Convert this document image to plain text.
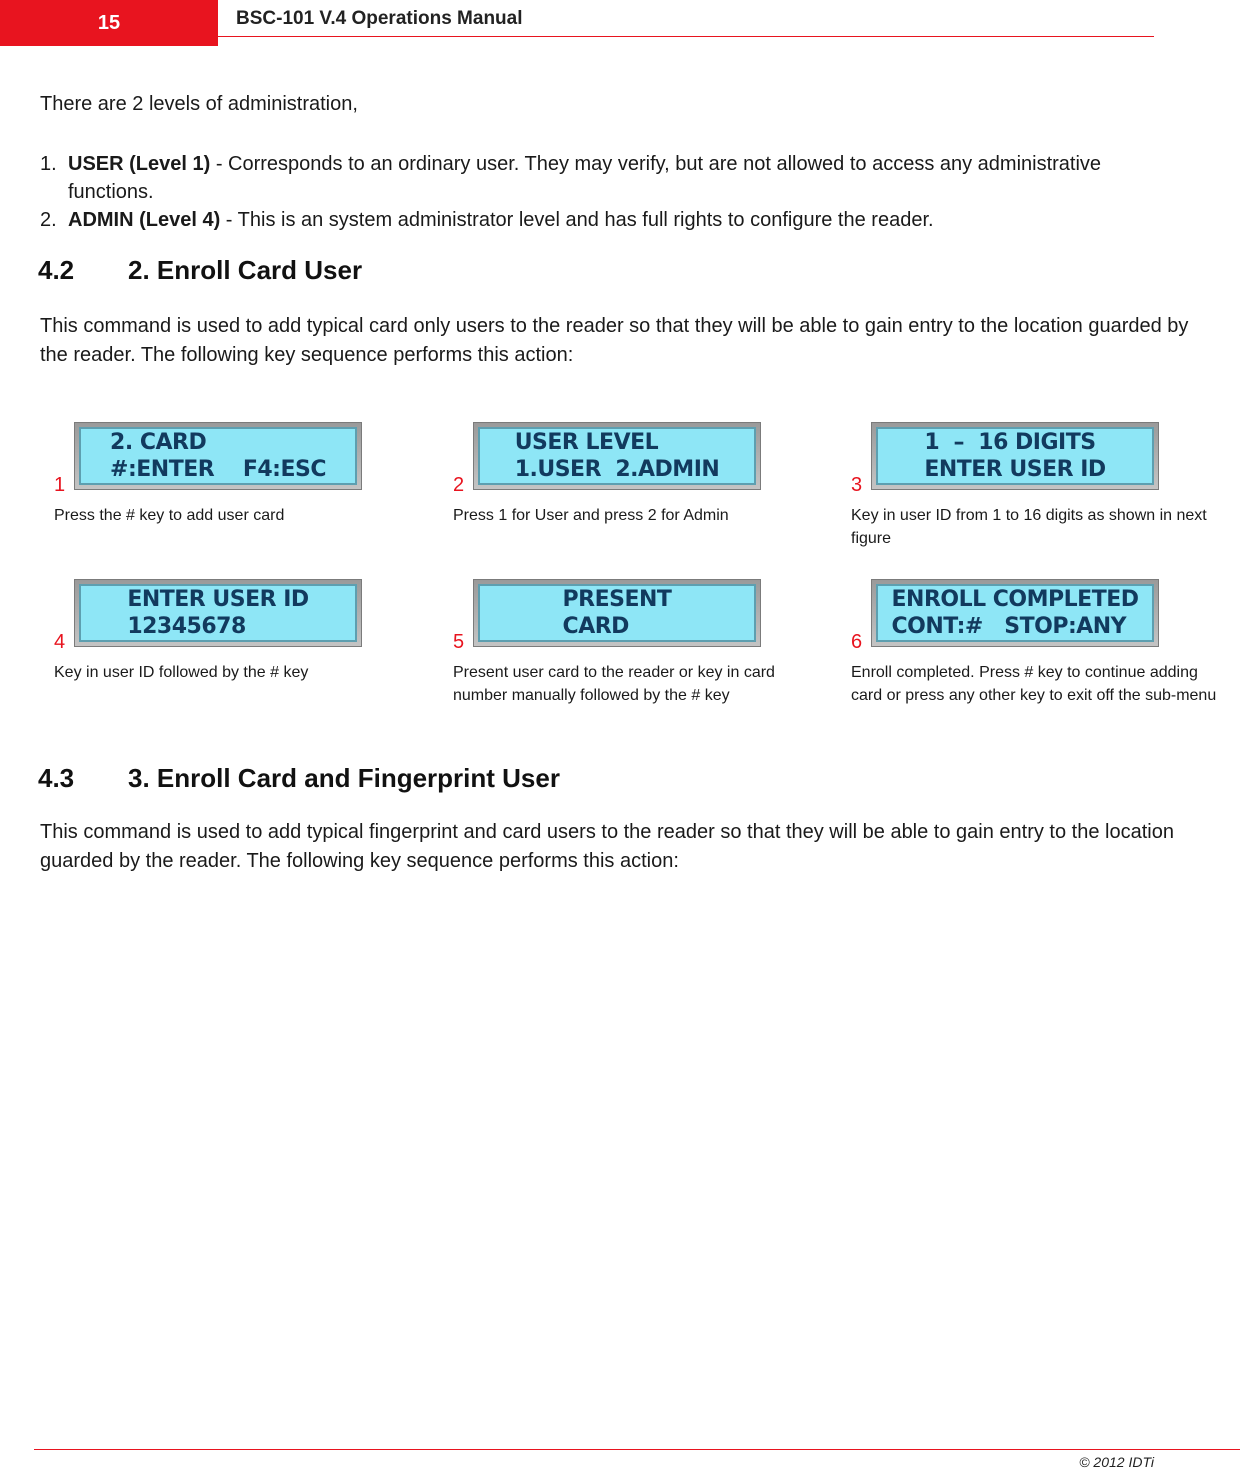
15	BSC-101 V.4 Operations Manual
There are 2 levels of administration,
1. USER (Level 1) - Corresponds to an ordinary user. They may verify, but are not allowed to access any administrative functions.
2. ADMIN (Level 4) - This is an system administrator level and has full rights to configure the reader.
4.2 2. Enroll Card User
This command is used to add typical card only users to the reader so that they will be able to gain entry to the location guarded by the reader. The following key sequence performs this action:
1
2. CARD
#:ENTER    F4:ESC
Press the # key to add user card
2
USER LEVEL
1.USER  2.ADMIN
Press 1 for User and press 2 for Admin
3
1  –  16 DIGITS
ENTER USER ID
Key in user ID from 1 to 16 digits as shown in next figure
4
ENTER USER ID
12345678
Key in user ID followed by the # key
5
PRESENT
CARD
Present user card to the reader or key in card number manually followed by the # key
6
ENROLL COMPLETED
CONT:#   STOP:ANY
Enroll completed. Press # key to continue adding card or press any other key to exit off the sub-menu
4.3 3. Enroll Card and Fingerprint User
This command is used to add typical fingerprint and card users to the reader so that they will be able to gain entry to the location guarded by the reader. The following key sequence performs this action:
© 2012 IDTi
